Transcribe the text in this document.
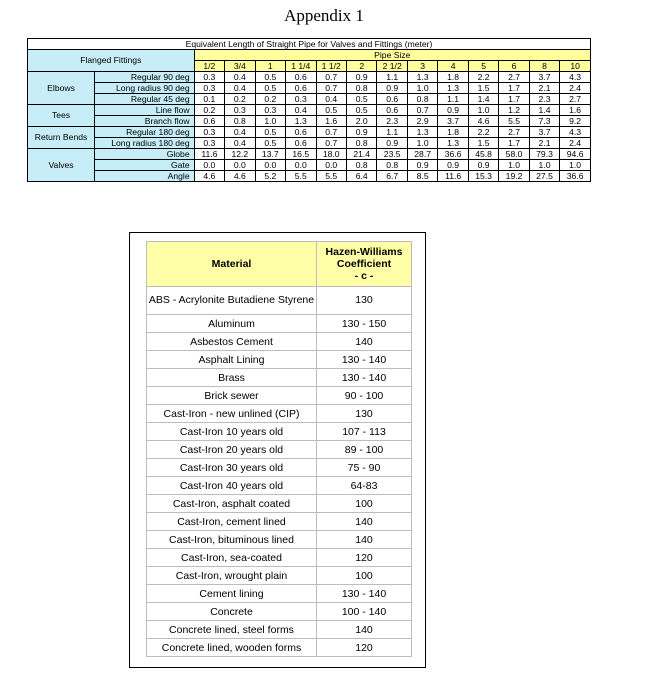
Appendix 1
Equivalent Length of Straight Pipe for Valves and Fittings (meter)														
Flanged Fittings		Pipe Size												
		1/2	3/4	1	1 1/4	1 1/2	2	2 1/2	3	4	5	6	8	10
Elbows	Regular 90 deg	0.3	0.4	0.5	0.6	0.7	0.9	1.1	1.3	1.8	2.2	2.7	3.7	4.3
	Long radius 90 deg	0.3	0.4	0.5	0.6	0.7	0.8	0.9	1.0	1.3	1.5	1.7	2.1	2.4
	Regular 45 deg	0.1	0.2	0.2	0.3	0.4	0.5	0.6	0.8	1.1	1.4	1.7	2.3	2.7
Tees	Line flow	0.2	0.3	0.3	0.4	0.5	0.5	0.6	0.7	0.9	1.0	1.2	1.4	1.6
	Branch flow	0.6	0.8	1.0	1.3	1.6	2.0	2.3	2.9	3.7	4.6	5.5	7.3	9.2
Return Bends	Regular 180 deg	0.3	0.4	0.5	0.6	0.7	0.9	1.1	1.3	1.8	2.2	2.7	3.7	4.3
	Long radius 180 deg	0.3	0.4	0.5	0.6	0.7	0.8	0.9	1.0	1.3	1.5	1.7	2.1	2.4
Valves	Globe	11.6	12.2	13.7	16.5	18.0	21.4	23.5	28.7	36.6	45.8	58.0	79.3	94.6
	Gate	0.0	0.0	0.0	0.0	0.0	0.8	0.8	0.9	0.9	0.9	1.0	1.0	1.0
	Angle	4.6	4.6	5.2	5.5	5.5	6.4	6.7	8.5	11.6	15.3	19.2	27.5	36.6
Material	Hazen-Williams
Coefficient
- c -
ABS - Acrylonite Butadiene Styrene	130
Aluminum	130 - 150
Asbestos Cement	140
Asphalt Lining	130 - 140
Brass	130 - 140
Brick sewer	90 - 100
Cast-Iron - new unlined (CIP)	130
Cast-Iron 10 years old	107 - 113
Cast-Iron 20 years old	89 - 100
Cast-Iron 30 years old	75 - 90
Cast-Iron 40 years old	64-83
Cast-Iron, asphalt coated	100
Cast-Iron, cement lined	140
Cast-Iron, bituminous lined	140
Cast-Iron, sea-coated	120
Cast-Iron, wrought plain	100
Cement lining	130 - 140
Concrete	100 - 140
Concrete lined, steel forms	140
Concrete lined, wooden forms	120
